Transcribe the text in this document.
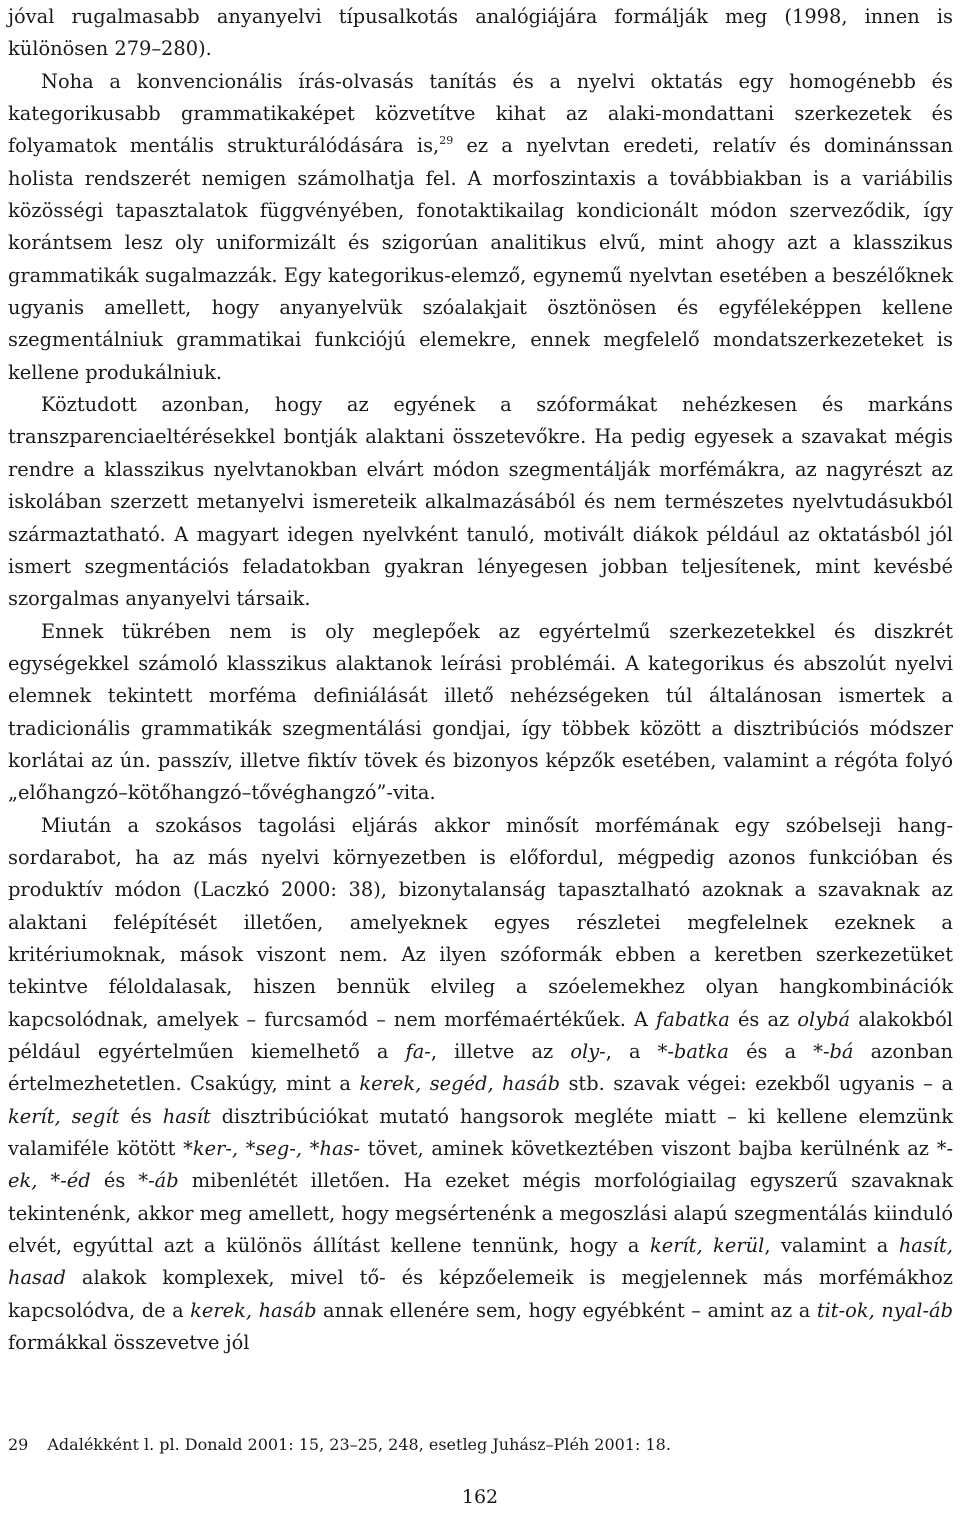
jóval rugalmasabb anyanyelvi típusalkotás analógiájára formálják meg (1998, innen is különösen 279–280).

Noha a konvencionális írás-olvasás tanítás és a nyelvi oktatás egy homogénebb és kategorikusabb grammatikaképet közvetítve kihat az alaki-mondattani szerkezetek és folyamatok mentális strukturálódására is,$^{29}$ ez a nyelvtan eredeti, relatív és dominánssan holista rendszerét nemigen számolhatja fel. A morfoszintaxis a továbbiakban is a variábilis közösségi tapasztalatok függvényében, fonotaktikailag kondicionált módon szerveződik, így korántsem lesz oly uniformizált és szigorúan analitikus elvű, mint ahogy azt a klasszikus grammatikák sugalmazzák. Egy kategorikus-elemző, egynemű nyelvtan esetében a beszélőknek ugyanis amellett, hogy anyanyelvük szóalakjait ösztönösen és egyféleképpen kellene szegmentálniuk grammatikai funkciójú elemekre, ennek megfelelő mondatszerkezeteket is kellene produkálniuk.

Köztudott azonban, hogy az egyének a szóformákat nehézkesen és markáns transzparenciaeltérésekkel bontják alaktani összetevőkre. Ha pedig egyesek a szavakat mégis rendre a klasszikus nyelvtanokban elvárt módon szegmentálják morfémákra, az nagyrészt az iskolában szerzett metanyelvi ismereteik alkalmazásából és nem természetes nyelvtudásukból származtatható. A magyart idegen nyelvként tanuló, motivált diákok például az oktatásból jól ismert szegmentációs feladatokban gyakran lényegesen jobban teljesítenek, mint kevésbé szorgalmas anyanyelvi társaik.

Ennek tükrében nem is oly meglepőek az egyértelmű szerkezetekkel és diszkrét egységekkel számoló klasszikus alaktanok leírási problémái. A kategorikus és abszolút nyelvi elemnek tekintett morféma definiálását illető nehézségeken túl általánosan ismertek a tradicionális grammatikák szegmentálási gondjai, így többek között a disztribúciós módszer korlátai az ún. passzív, illetve fiktív tövek és bizonyos képzők esetében, valamint a régóta folyó „előhangzó–kötőhangzó–tővéghangzó”-vita.

Miután a szokásos tagolási eljárás akkor minősít morfémának egy szóbelseji hangsordarabot, ha az más nyelvi környezetben is előfordul, mégpedig azonos funkcióban és produktív módon (Laczkó 2000: 38), bizonytalanság tapasztalható azoknak a szavaknak az alaktani felépítését illetően, amelyeknek egyes részletei megfelelnek ezeknek a kritériumoknak, mások viszont nem. Az ilyen szóformák ebben a keretben szerkezetüket tekintve féloldalasak, hiszen bennük elvileg a szóelemekhez olyan hangkombinációk kapcsolódnak, amelyek – furcsamód – nem morfémaértékűek. A fabatka és az olybá alakokból például egyértelműen kiemelhető a fa-, illetve az oly-, a *-batka és a *-bá azonban értelmezhetetlen. Csakúgy, mint a kerek, segéd, hasáb stb. szavak végei: ezekből ugyanis – a kerít, segít és hasít disztribúciókat mutató hangsorok megléte miatt – ki kellene elemzünk valamiféle kötött *ker-, *seg-, *has- tövet, aminek következtében viszont bajba kerülnénk az *-ek, *-éd és *-áb mibenlétét illetően. Ha ezeket mégis morfológiailag egyszerű szavaknak tekintenénk, akkor meg amellett, hogy megsértenénk a megoszlási alapú szegmentálás kiinduló elvét, egyúttal azt a különös állítást kellene tennünk, hogy a kerít, kerül, valamint a hasít, hasad alakok komplexek, mivel tő- és képzőelemeik is megjelennek más morfémákhoz kapcsolódva, de a kerek, hasáb annak ellenére sem, hogy egyébként – amint az a tit-ok, nyal-áb formákkal összevetve jól

29 Adalékként l. pl. Donald 2001: 15, 23–25, 248, esetleg Juhász–Pléh 2001: 18.

162
